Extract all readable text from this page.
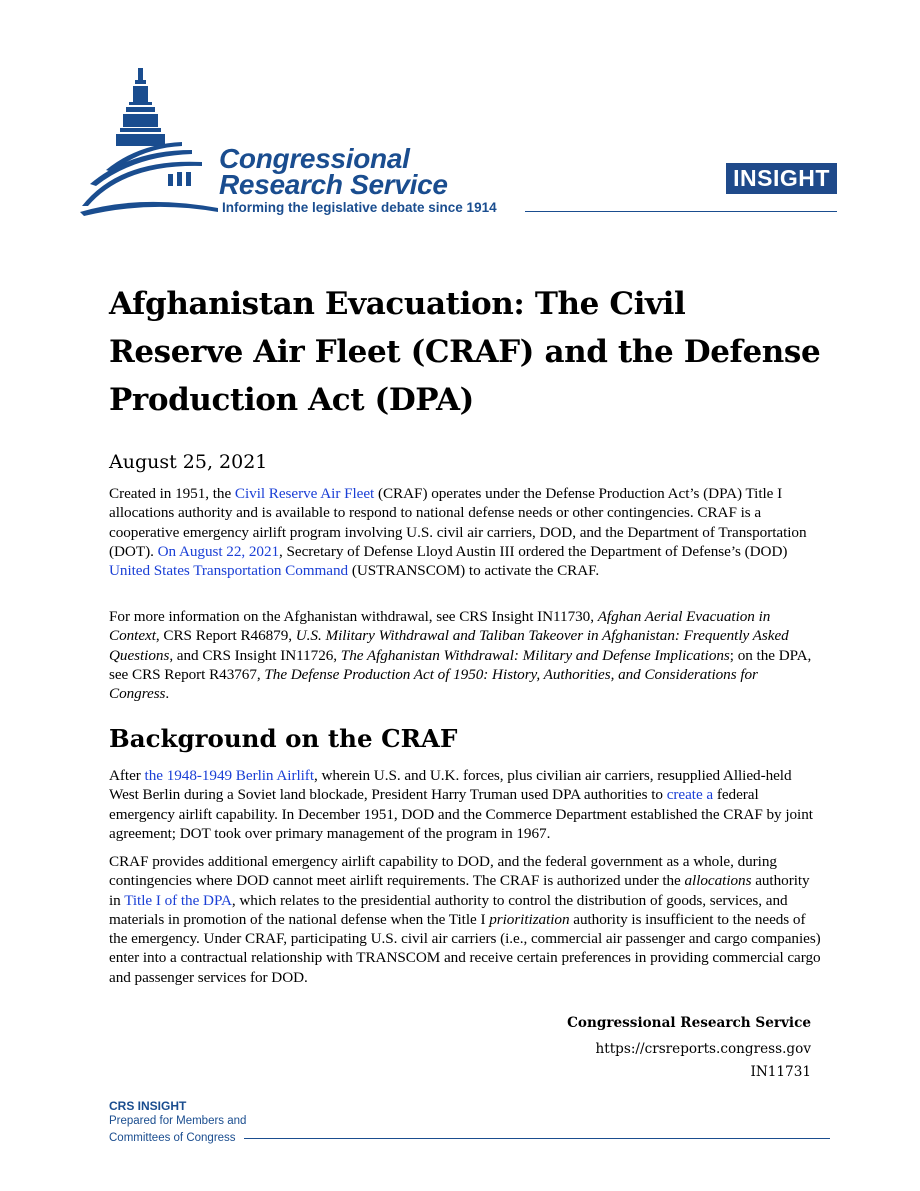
Congressional
Research Service
Informing the legislative debate since 1914
INSIGHT
Afghanistan Evacuation: The Civil Reserve Air Fleet (CRAF) and the Defense Production Act (DPA)
August 25, 2021

Created in 1951, the Civil Reserve Air Fleet (CRAF) operates under the Defense Production Act’s (DPA) Title I allocations authority and is available to respond to national defense needs or other contingencies. CRAF is a cooperative emergency airlift program involving U.S. civil air carriers, DOD, and the Department of Transportation (DOT). On August 22, 2021, Secretary of Defense Lloyd Austin III ordered the Department of Defense’s (DOD) United States Transportation Command (USTRANSCOM) to activate the CRAF.

For more information on the Afghanistan withdrawal, see CRS Insight IN11730, Afghan Aerial Evacuation in Context, CRS Report R46879, U.S. Military Withdrawal and Taliban Takeover in Afghanistan: Frequently Asked Questions, and CRS Insight IN11726, The Afghanistan Withdrawal: Military and Defense Implications; on the DPA, see CRS Report R43767, The Defense Production Act of 1950: History, Authorities, and Considerations for Congress.

Background on the CRAF

After the 1948-1949 Berlin Airlift, wherein U.S. and U.K. forces, plus civilian air carriers, resupplied Allied-held West Berlin during a Soviet land blockade, President Harry Truman used DPA authorities to create a federal emergency airlift capability. In December 1951, DOD and the Commerce Department established the CRAF by joint agreement; DOT took over primary management of the program in 1967.

CRAF provides additional emergency airlift capability to DOD, and the federal government as a whole, during contingencies where DOD cannot meet airlift requirements. The CRAF is authorized under the allocations authority in Title I of the DPA, which relates to the presidential authority to control the distribution of goods, services, and materials in promotion of the national defense when the Title I prioritization authority is insufficient to the needs of the emergency. Under CRAF, participating U.S. civil air carriers (i.e., commercial air passenger and cargo companies) enter into a contractual relationship with TRANSCOM and receive certain preferences in providing commercial cargo and passenger services for DOD.

Congressional Research Service
https://crsreports.congress.gov
IN11731
CRS INSIGHT
Prepared for Members and
Committees of Congress
